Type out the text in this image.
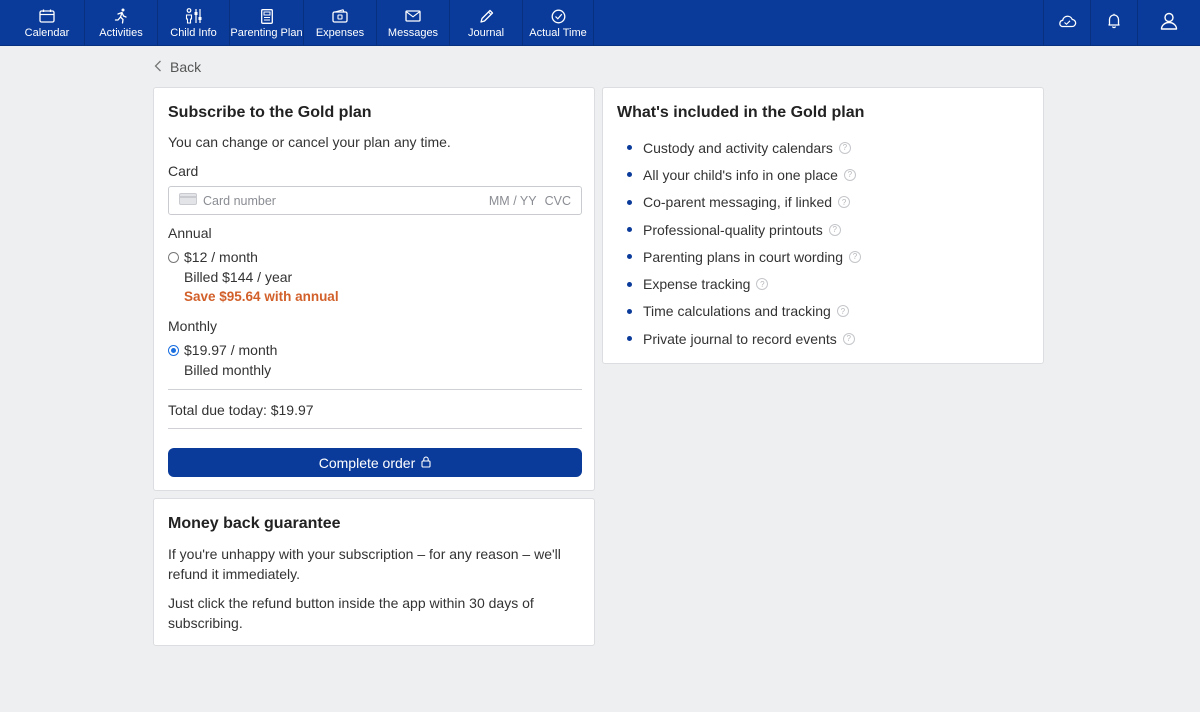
Calendar	Activities	Child Info Parenting Plan Expenses Messages	Journal Actual Time
Back
Subscribe to the Gold plan
You can change or cancel your plan any time.
Card
Card number	MM / YY CVC
Annual
$12 / month
Billed $144 / year
Save $95.64 with annual
Monthly
$19.97 / month
Billed monthly
Total due today: $19.97
Complete order
Money back guarantee

If you're unhappy with your subscription – for any reason – we'll refund it immediately.

Just click the refund button inside the app within 30 days of subscribing.

What's included in the Gold plan
Custody and activity calendars	?
All your child's info in one place	?
Co-parent messaging, if linked	?
Professional-quality printouts	?
Parenting plans in court wording	?
Expense tracking	?
Time calculations and tracking	?
Private journal to record events	?
